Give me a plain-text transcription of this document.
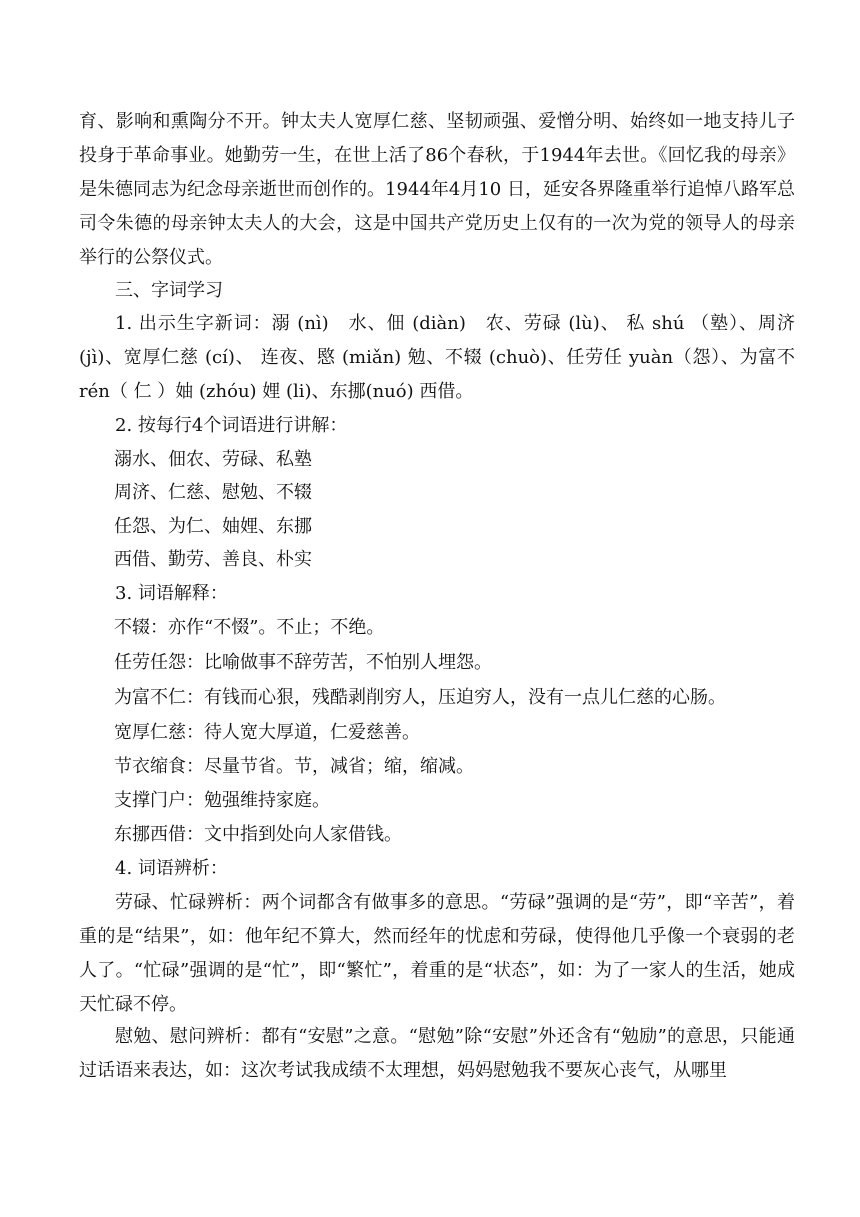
育、影响和熏陶分不开。钟太夫人宽厚仁慈、坚韧顽强、爱憎分明、始终如一地支持儿子投身于革命事业。她勤劳一生，在世上活了86个春秋，于1944年去世。《回忆我的母亲》是朱德同志为纪念母亲逝世而创作的。1944年4月10 日，延安各界隆重举行追悼八路军总司令朱德的母亲钟太夫人的大会，这是中国共产党历史上仅有的一次为党的领导人的母亲举行的公祭仪式。

三、字词学习

1. 出示生字新词：溺 (nì)　水、佃 (diàn)　农、劳碌 (lù)、 私 shú （塾）、周济 (jì)、宽厚仁慈 (cí)、 连夜、愍 (miǎn) 勉、不辍 (chuò)、任劳任 yuàn（怨）、为富不 rén（ 仁 ）妯 (zhóu) 娌 (li)、东挪(nuó) 西借。

2. 按每行4个词语进行讲解：
溺水、佃农、劳碌、私塾
周济、仁慈、慰勉、不辍
任怨、为仁、妯娌、东挪
西借、勤劳、善良、朴实
3. 词语解释：
不辍：亦作“不惙”。不止；不绝。
任劳任怨：比喻做事不辞劳苦，不怕别人埋怨。
为富不仁：有钱而心狠，残酷剥削穷人，压迫穷人，没有一点儿仁慈的心肠。
宽厚仁慈：待人宽大厚道，仁爱慈善。
节衣缩食：尽量节省。节，减省；缩，缩减。
支撑门户：勉强维持家庭。
东挪西借：文中指到处向人家借钱。
4. 词语辨析：

劳碌、忙碌辨析：两个词都含有做事多的意思。“劳碌”强调的是“劳”，即“辛苦”，着重的是“结果”，如：他年纪不算大，然而经年的忧虑和劳碌，使得他几乎像一个衰弱的老人了。“忙碌”强调的是“忙”，即“繁忙”，着重的是“状态”，如：为了一家人的生活，她成天忙碌不停。

慰勉、慰问辨析：都有“安慰”之意。“慰勉”除“安慰”外还含有“勉励”的意思，只能通过话语来表达，如：这次考试我成绩不太理想，妈妈慰勉我不要灰心丧气，从哪里
